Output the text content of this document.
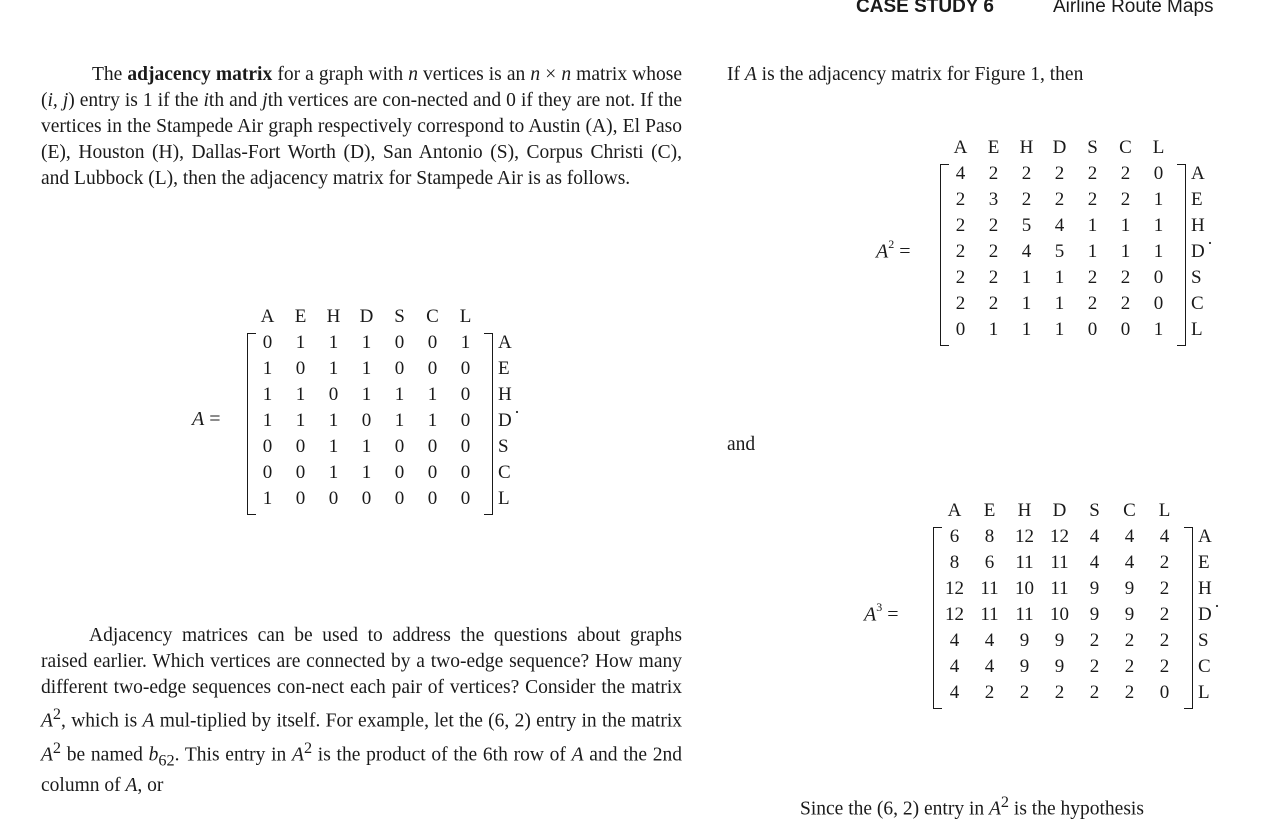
CASE STUDY 6	Airline Route Maps

The adjacency matrix for a graph with n vertices is an n × n matrix whose (i, j) entry is 1 if the ith and jth vertices are con-nected and 0 if they are not. If the vertices in the Stampede Air graph respectively correspond to Austin (A), El Paso (E), Houston (H), Dallas-Fort Worth (D), San Antonio (S), Corpus Christi (C), and Lubbock (L), then the adjacency matrix for Stampede Air is as follows.

A	E	H	D	S	C	L
0	1	1	1	0	0	1	A
1	0	1	1	0	0	0	E
1	1	0	1	1	1	0	H
1	1	1	0	1	1	0	D
0	0	1	1	0	0	0	S
0	0	1	1	0	0	0	C
1	0	0	0	0	0	0	L
A =	·

Adjacency matrices can be used to address the questions about graphs raised earlier. Which vertices are connected by a two-edge sequence? How many different two-edge sequences con-nect each pair of vertices? Consider the matrix $A^2$, which is A mul-tiplied by itself. For example, let the (6, 2) entry in the matrix $A^2$ be named $b_{62}$. This entry in $A^2$ is the product of the 6th row of A and the 2nd column of A, or

If A is the adjacency matrix for Figure 1, then

A	E	H	D	S	C	L
4	2	2	2	2	2	0	A
2	3	2	2	2	2	1	E
2	2	5	4	1	1	1	H
2	2	4	5	1	1	1	D
2	2	1	1	2	2	0	S
2	2	1	1	2	2	0	C
0	1	1	1	0	0	1	L
$A^2$ =	·

and

A	E	H	D	S	C	L
6	8	12 12	4	4	4	A
8	6	11 11	4	4	2	E
12 11 10 11	9	9	2	H
12 11 11 10	9	9	2	D
4	4	9	9	2	2	2	S
4	4	9	9	2	2	2	C
4	2	2	2	2	2	0	L
$A^3$ =	·

Since the (6, 2) entry in $A^2$ is the hypothesis
